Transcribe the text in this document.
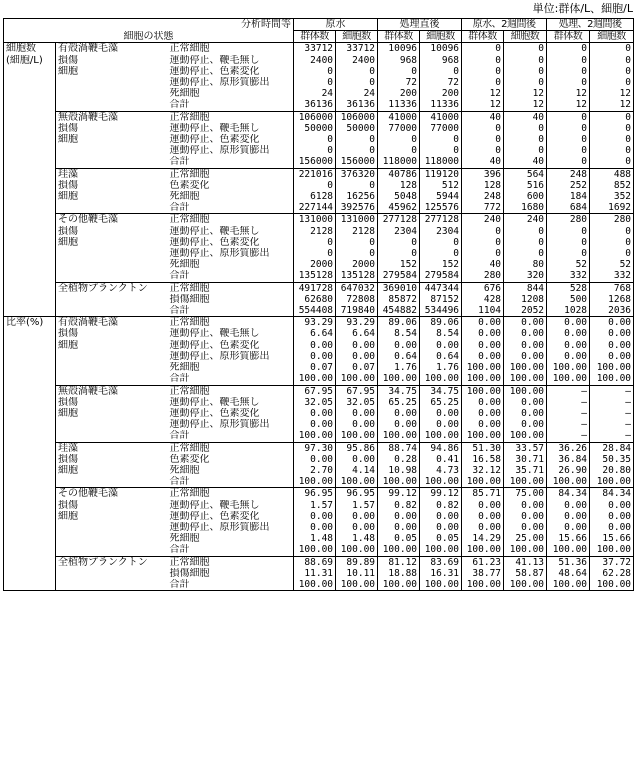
単位:群体/L、細胞/L
分析時間等			原水		処理直後		原水、2週間後		処理、2週間後	
細胞の状態			群体数	細胞数	群体数	細胞数	群体数	細胞数	群体数	細胞数
細胞数	有殻渦鞭毛藻	正常細胞	33712	33712	10096	10096	0	0	0	0
(細胞/L)	損傷	運動停止、鞭毛無し	2400	2400	968	968	0	0	0	0
	細胞	運動停止、色素変化	0	0	0	0	0	0	0	0
		運動停止、原形質膨出	0	0	72	72	0	0	0	0
		死細胞	24	24	200	200	12	12	12	12
		合計	36136	36136	11336	11336	12	12	12	12
	無殻渦鞭毛藻	正常細胞	106000	106000	41000	41000	40	40	0	0
	損傷	運動停止、鞭毛無し	50000	50000	77000	77000	0	0	0	0
	細胞	運動停止、色素変化	0	0	0	0	0	0	0	0
		運動停止、原形質膨出	0	0	0	0	0	0	0	0
		合計	156000	156000	118000	118000	40	40	0	0
	珪藻	正常細胞	221016	376320	40786	119120	396	564	248	488
	損傷	色素変化	0	0	128	512	128	516	252	852
	細胞	死細胞	6128	16256	5048	5944	248	600	184	352
		合計	227144	392576	45962	125576	772	1680	684	1692
	その他鞭毛藻	正常細胞	131000	131000	277128	277128	240	240	280	280
	損傷	運動停止、鞭毛無し	2128	2128	2304	2304	0	0	0	0
	細胞	運動停止、色素変化	0	0	0	0	0	0	0	0
		運動停止、原形質膨出	0	0	0	0	0	0	0	0
		死細胞	2000	2000	152	152	40	80	52	52
		合計	135128	135128	279584	279584	280	320	332	332
	全植物プランクトン	正常細胞	491728	647032	369010	447344	676	844	528	768
		損傷細胞	62680	72808	85872	87152	428	1208	500	1268
		合計	554408	719840	454882	534496	1104	2052	1028	2036
比率(%)	有殻渦鞭毛藻	正常細胞	93.29	93.29	89.06	89.06	0.00	0.00	0.00	0.00
	損傷	運動停止、鞭毛無し	6.64	6.64	8.54	8.54	0.00	0.00	0.00	0.00
	細胞	運動停止、色素変化	0.00	0.00	0.00	0.00	0.00	0.00	0.00	0.00
		運動停止、原形質膨出	0.00	0.00	0.64	0.64	0.00	0.00	0.00	0.00
		死細胞	0.07	0.07	1.76	1.76	100.00	100.00	100.00	100.00
		合計	100.00	100.00	100.00	100.00	100.00	100.00	100.00	100.00
	無殻渦鞭毛藻	正常細胞	67.95	67.95	34.75	34.75	100.00	100.00	—	—
	損傷	運動停止、鞭毛無し	32.05	32.05	65.25	65.25	0.00	0.00	—	—
	細胞	運動停止、色素変化	0.00	0.00	0.00	0.00	0.00	0.00	—	—
		運動停止、原形質膨出	0.00	0.00	0.00	0.00	0.00	0.00	—	—
		合計	100.00	100.00	100.00	100.00	100.00	100.00	—	—
	珪藻	正常細胞	97.30	95.86	88.74	94.86	51.30	33.57	36.26	28.84
	損傷	色素変化	0.00	0.00	0.28	0.41	16.58	30.71	36.84	50.35
	細胞	死細胞	2.70	4.14	10.98	4.73	32.12	35.71	26.90	20.80
		合計	100.00	100.00	100.00	100.00	100.00	100.00	100.00	100.00
	その他鞭毛藻	正常細胞	96.95	96.95	99.12	99.12	85.71	75.00	84.34	84.34
	損傷	運動停止、鞭毛無し	1.57	1.57	0.82	0.82	0.00	0.00	0.00	0.00
	細胞	運動停止、色素変化	0.00	0.00	0.00	0.00	0.00	0.00	0.00	0.00
		運動停止、原形質膨出	0.00	0.00	0.00	0.00	0.00	0.00	0.00	0.00
		死細胞	1.48	1.48	0.05	0.05	14.29	25.00	15.66	15.66
		合計	100.00	100.00	100.00	100.00	100.00	100.00	100.00	100.00
	全植物プランクトン	正常細胞	88.69	89.89	81.12	83.69	61.23	41.13	51.36	37.72
		損傷細胞	11.31	10.11	18.88	16.31	38.77	58.87	48.64	62.28
		合計	100.00	100.00	100.00	100.00	100.00	100.00	100.00	100.00
